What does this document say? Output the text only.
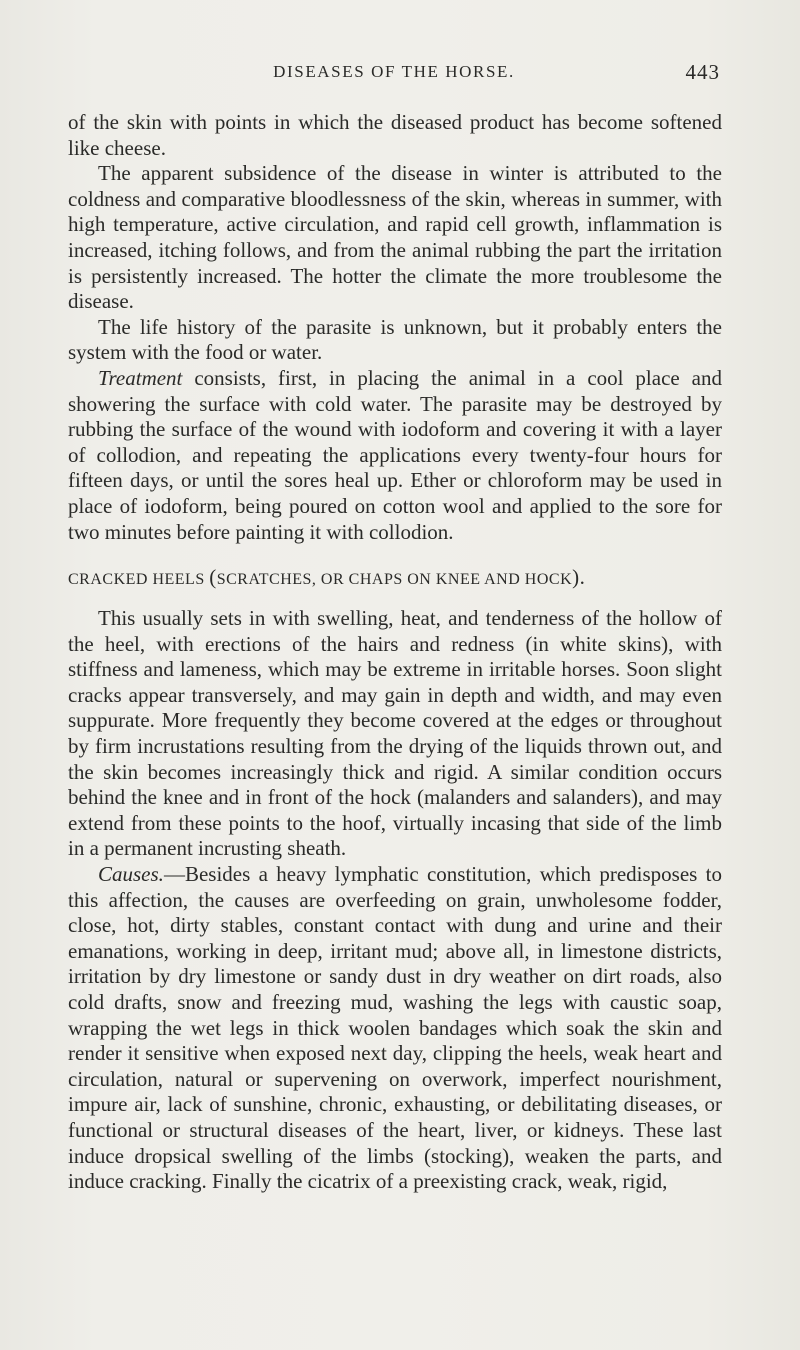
DISEASES OF THE HORSE.	443

of the skin with points in which the diseased product has become softened like cheese.

The apparent subsidence of the disease in winter is attributed to the coldness and comparative bloodlessness of the skin, whereas in summer, with high temperature, active circulation, and rapid cell growth, inflammation is increased, itching follows, and from the animal rubbing the part the irritation is persistently increased. The hotter the climate the more troublesome the disease.

The life history of the parasite is unknown, but it probably enters the system with the food or water.

Treatment consists, first, in placing the animal in a cool place and showering the surface with cold water. The parasite may be destroyed by rubbing the surface of the wound with iodoform and covering it with a layer of collodion, and repeating the applications every twenty-four hours for fifteen days, or until the sores heal up. Ether or chloroform may be used in place of iodoform, being poured on cotton wool and applied to the sore for two minutes before painting it with collodion.

CRACKED HEELS (SCRATCHES, OR CHAPS ON KNEE AND HOCK).

This usually sets in with swelling, heat, and tenderness of the hollow of the heel, with erections of the hairs and redness (in white skins), with stiffness and lameness, which may be extreme in irritable horses. Soon slight cracks appear transversely, and may gain in depth and width, and may even suppurate. More frequently they become covered at the edges or throughout by firm incrustations resulting from the drying of the liquids thrown out, and the skin becomes increasingly thick and rigid. A similar condition occurs behind the knee and in front of the hock (malanders and salanders), and may extend from these points to the hoof, virtually incasing that side of the limb in a permanent incrusting sheath.

Causes.—Besides a heavy lymphatic constitution, which predisposes to this affection, the causes are overfeeding on grain, unwholesome fodder, close, hot, dirty stables, constant contact with dung and urine and their emanations, working in deep, irritant mud; above all, in limestone districts, irritation by dry limestone or sandy dust in dry weather on dirt roads, also cold drafts, snow and freezing mud, washing the legs with caustic soap, wrapping the wet legs in thick woolen bandages which soak the skin and render it sensitive when exposed next day, clipping the heels, weak heart and circulation, natural or supervening on overwork, imperfect nourishment, impure air, lack of sunshine, chronic, exhausting, or debilitating diseases, or functional or structural diseases of the heart, liver, or kidneys. These last induce dropsical swelling of the limbs (stocking), weaken the parts, and induce cracking. Finally the cicatrix of a preexisting crack, weak, rigid,
